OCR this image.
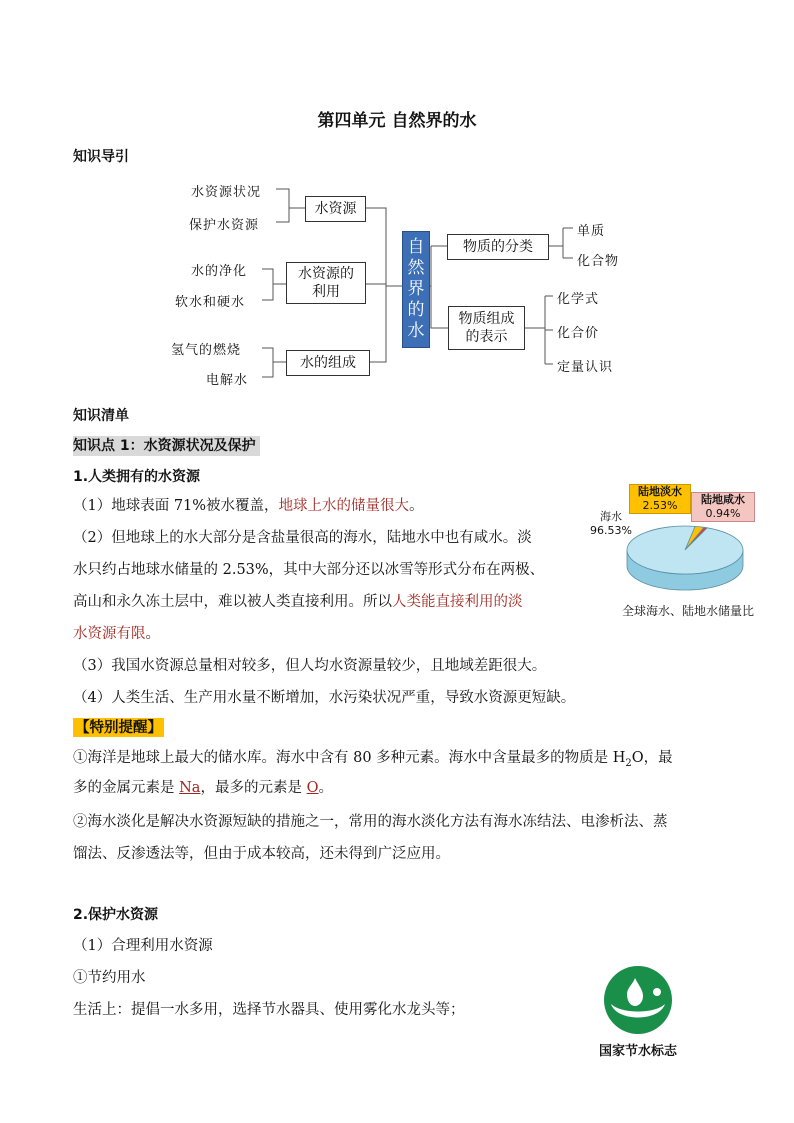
第四单元 自然界的水
知识导引
水资源状况
保护水资源
水资源
水的净化
软水和硬水
水资源的利用
氢气的燃烧
电解水
水的组成
自然界的水
物质的分类
单质
化合物
物质组成的表示
化学式
化合价
定量认识
知识清单
知识点 1：水资源状况及保护
1.人类拥有的水资源
（1）地球表面 71%被水覆盖，地球上水的储量很大。
（2）但地球上的水大部分是含盐量很高的海水，陆地水中也有咸水。淡
水只约占地球水储量的 2.53%，其中大部分还以冰雪等形式分布在两极、
高山和永久冻土层中，难以被人类直接利用。所以人类能直接利用的淡
水资源有限。
（3）我国水资源总量相对较多，但人均水资源量较少，且地域差距很大。
（4）人类生活、生产用水量不断增加，水污染状况严重，导致水资源更短缺。
海水
96.53%
陆地淡水
2.53%	陆地咸水
0.94%
全球海水、陆地水储量比
【特别提醒】
①海洋是地球上最大的储水库。海水中含有 80 多种元素。海水中含量最多的物质是 $H_2O$，最
多的金属元素是 Na，最多的元素是 O。
②海水淡化是解决水资源短缺的措施之一，常用的海水淡化方法有海水冻结法、电渗析法、蒸
馏法、反渗透法等，但由于成本较高，还未得到广泛应用。
2.保护水资源
（1）合理利用水资源
①节约用水
生活上：提倡一水多用，选择节水器具、使用雾化水龙头等；
国家节水标志
